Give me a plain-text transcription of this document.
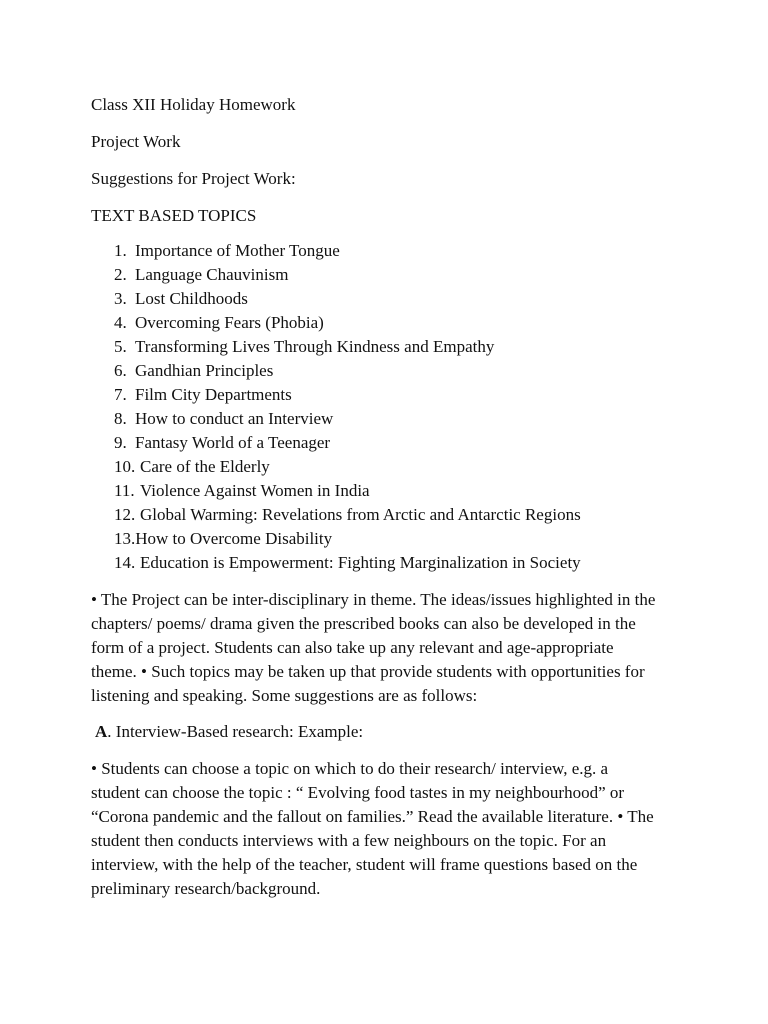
Class XII Holiday Homework
Project Work
Suggestions for Project Work:
TEXT BASED TOPICS
1. Importance of Mother Tongue
2. Language Chauvinism
3. Lost Childhoods
4. Overcoming Fears (Phobia)
5. Transforming Lives Through Kindness and Empathy
6. Gandhian Principles
7. Film City Departments
8. How to conduct an Interview
9. Fantasy World of a Teenager
10. Care of the Elderly
11. Violence Against Women in India
12. Global Warming: Revelations from Arctic and Antarctic Regions
13.How to Overcome Disability
14. Education is Empowerment: Fighting Marginalization in Society
• The Project can be inter-disciplinary in theme. The ideas/issues highlighted in the
chapters/ poems/ drama given the prescribed books can also be developed in the
form of a project. Students can also take up any relevant and age-appropriate
theme. • Such topics may be taken up that provide students with opportunities for
listening and speaking. Some suggestions are as follows:
A. Interview-Based research: Example:
• Students can choose a topic on which to do their research/ interview, e.g. a
student can choose the topic : “ Evolving food tastes in my neighbourhood” or
“Corona pandemic and the fallout on families.” Read the available literature. • The
student then conducts interviews with a few neighbours on the topic. For an
interview, with the help of the teacher, student will frame questions based on the
preliminary research/background.
